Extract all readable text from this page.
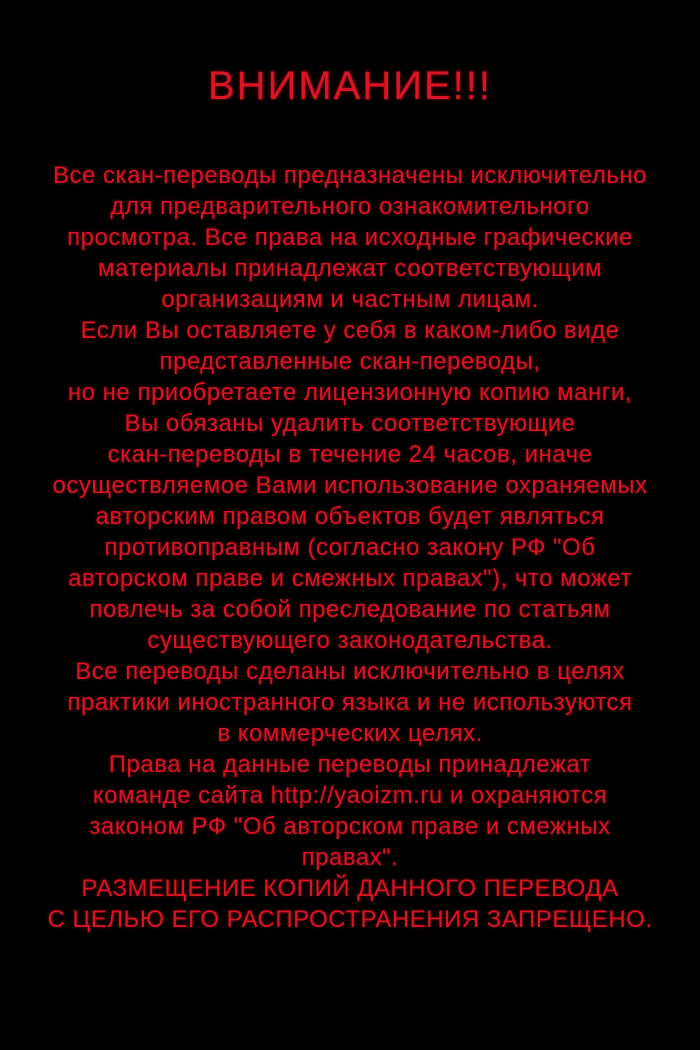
ВНИМАНИЕ!!!
Все скан-переводы предназначены исключительно
для предварительного ознакомительного
просмотра. Все права на исходные графические
материалы принадлежат соответствующим
организациям и частным лицам.
Если Вы оставляете у себя в каком-либо виде
представленные скан-переводы,
но не приобретаете лицензионную копию манги,
Вы обязаны удалить соответствующие
скан-переводы в течение 24 часов, иначе
осуществляемое Вами использование охраняемых
авторским правом объектов будет являться
противоправным (согласно закону РФ "Об
авторском праве и смежных правах"), что может
повлечь за собой преследование по статьям
существующего законодательства.
Все переводы сделаны исключительно в целях
практики иностранного языка и не используются
в коммерческих целях.
Права на данные переводы принадлежат
команде сайта http://yaoizm.ru и охраняются
законом РФ "Об авторском праве и смежных
правах".
РАЗМЕЩЕНИЕ КОПИЙ ДАННОГО ПЕРЕВОДА
С ЦЕЛЬЮ ЕГО РАСПРОСТРАНЕНИЯ ЗАПРЕЩЕНО.
